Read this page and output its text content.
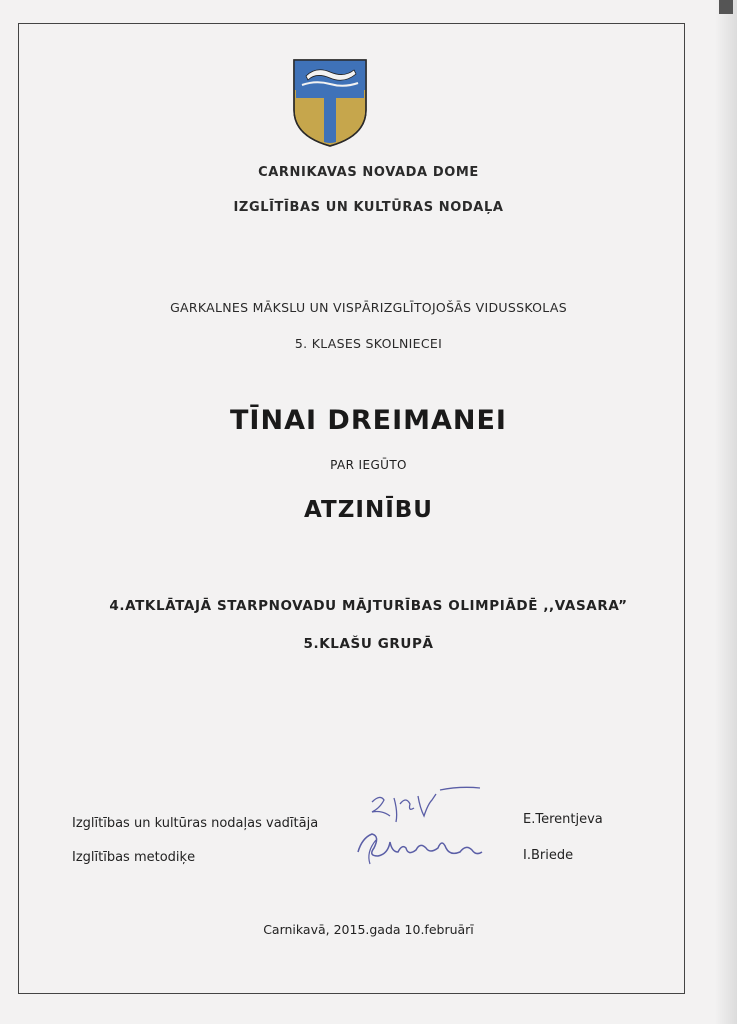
CARNIKAVAS NOVADA DOME
IZGLĪTĪBAS UN KULTŪRAS NODAĻA
GARKALNES MĀKSLU UN VISPĀRIZGLĪTOJOŠĀS VIDUSSKOLAS
5. KLASES SKOLNIECEI
TĪNAI DREIMANEI
PAR IEGŪTO
ATZINĪBU
4.ATKLĀTAJĀ STARPNOVADU MĀJTURĪBAS OLIMPIĀDĒ ,,VASARA”
5.KLAŠU GRUPĀ
Izglītības un kultūras nodaļas vadītāja
Izglītības metodiķe
E.Terentjeva
I.Briede
Carnikavā, 2015.gada 10.februārī
